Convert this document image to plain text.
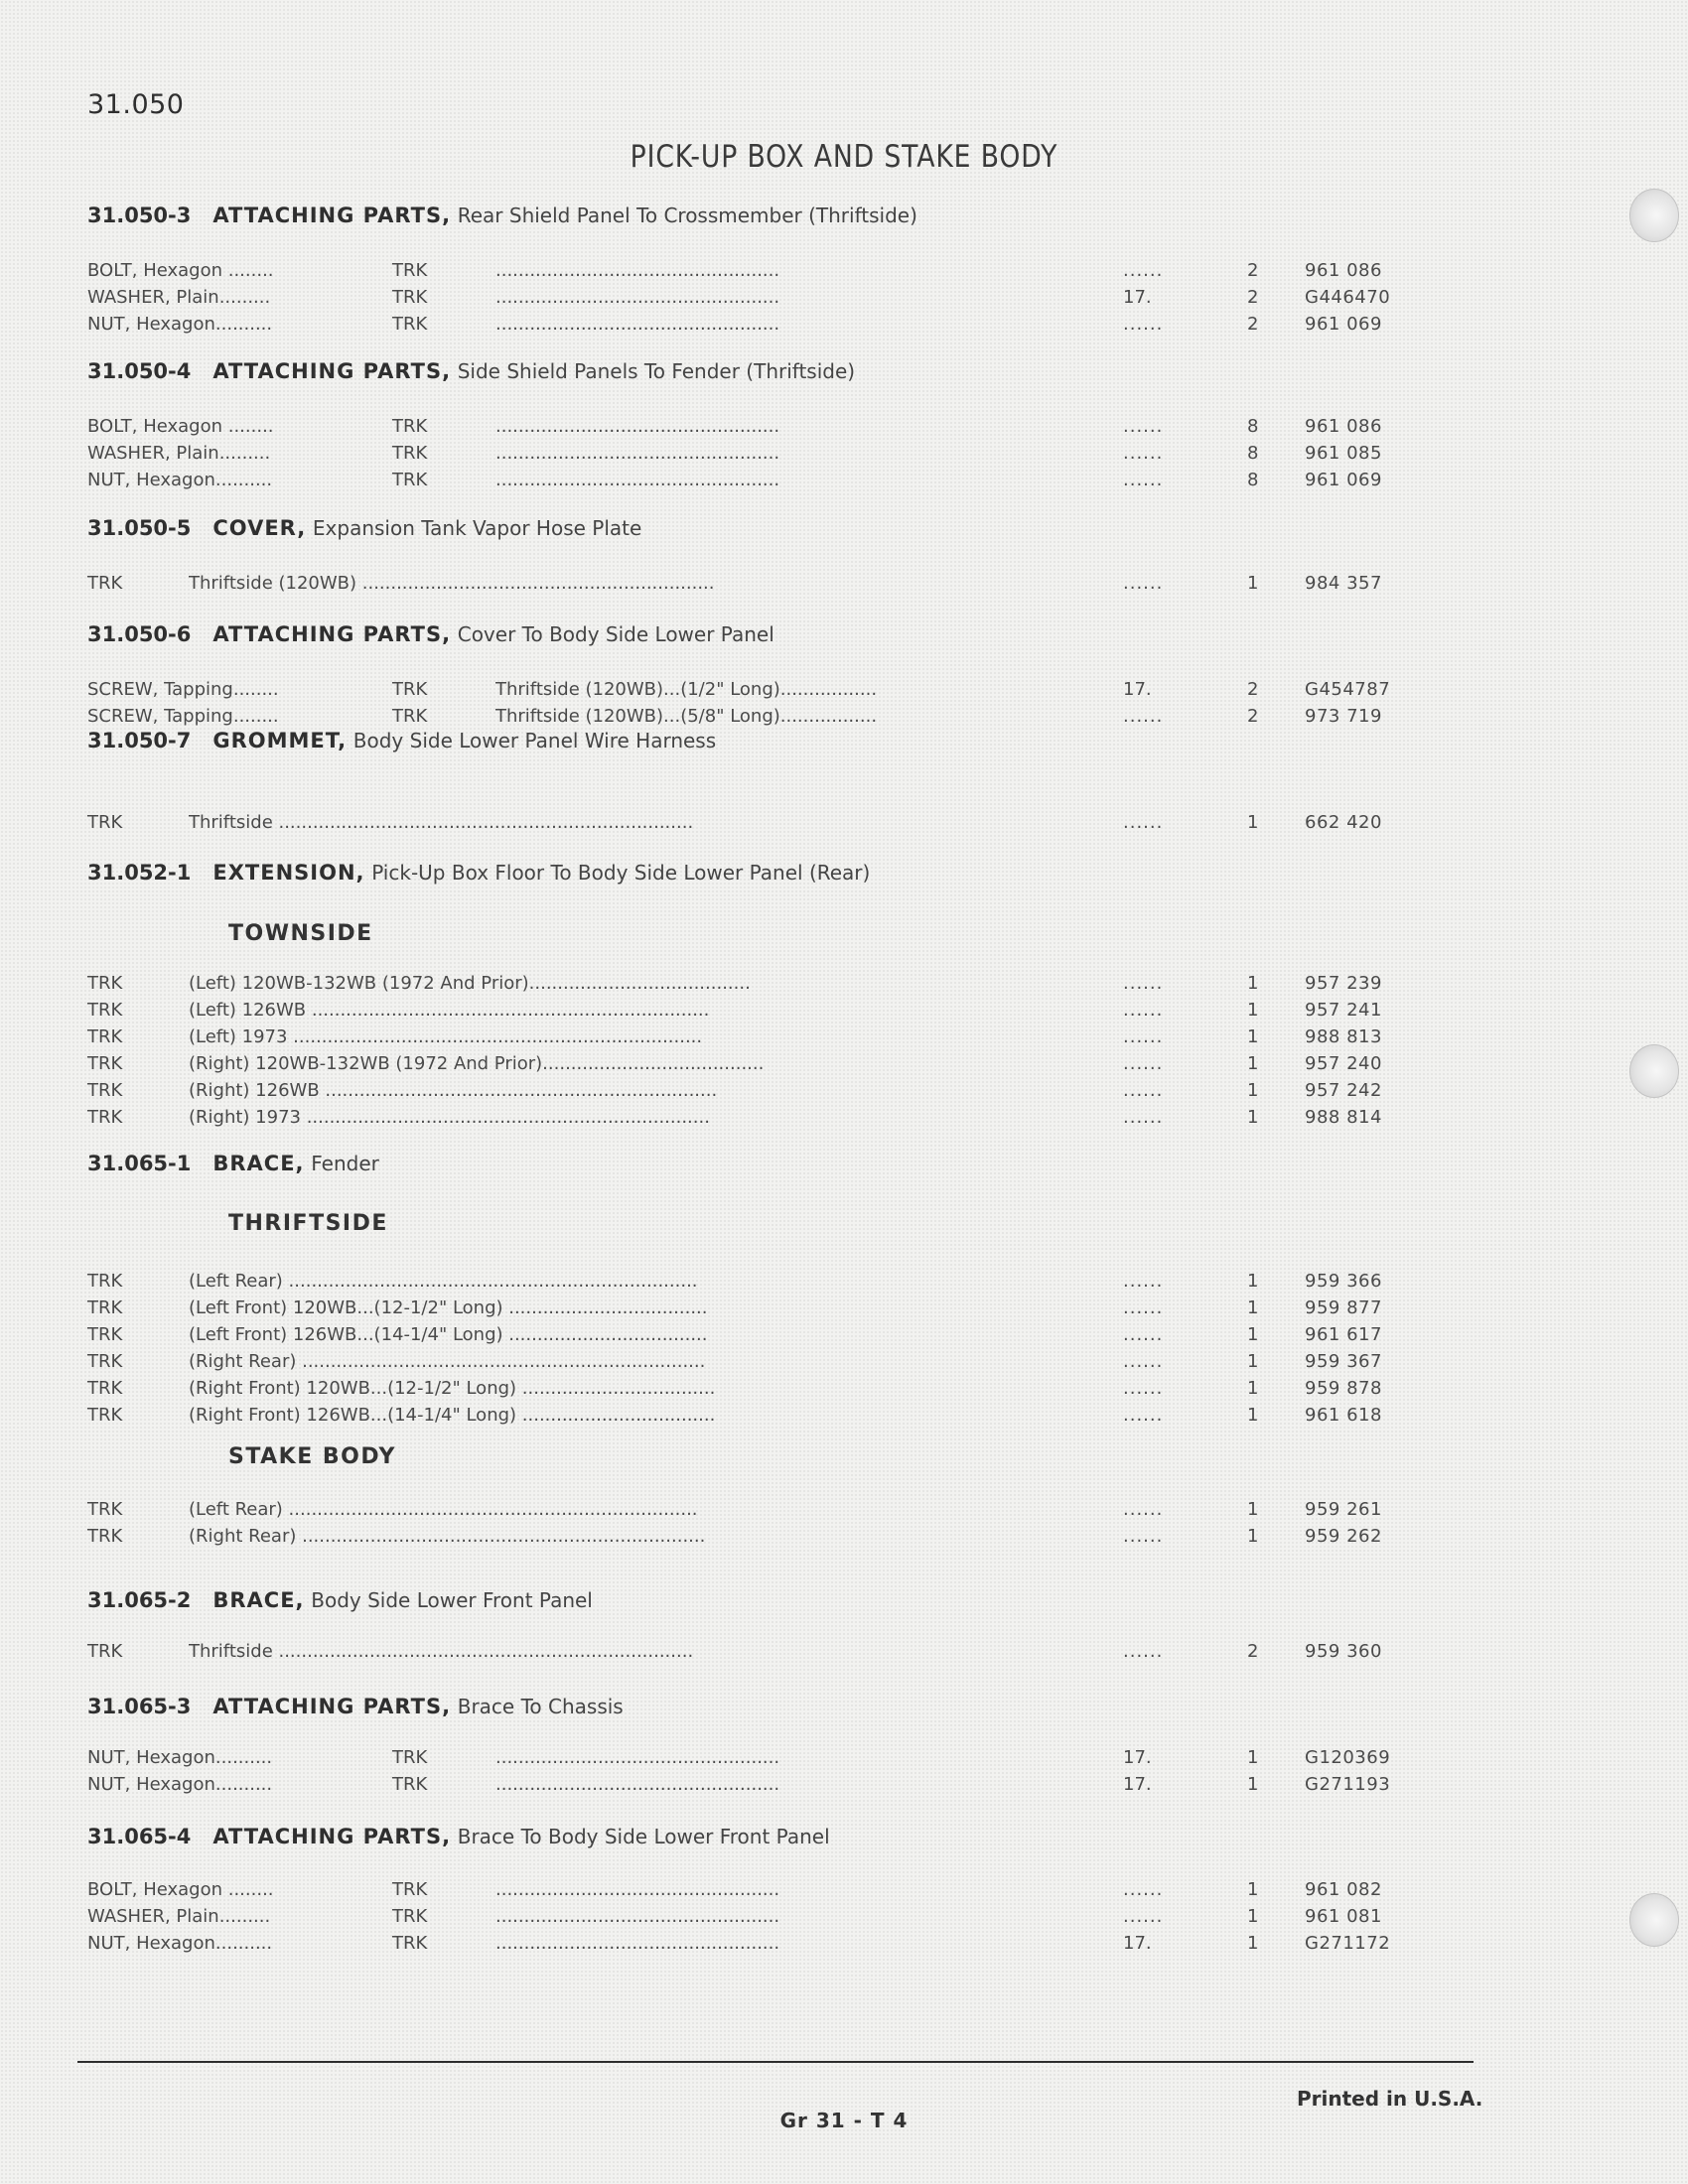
31.050
PICK-UP BOX AND STAKE BODY
31.050-3 ATTACHING PARTS, Rear Shield Panel To Crossmember (Thriftside)
BOLT, Hexagon ........	TRK	..................................................	......	2	961 086
WASHER, Plain.........	TRK	..................................................	17.	2	G446470
NUT, Hexagon..........	TRK	..................................................	......	2	961 069
31.050-4 ATTACHING PARTS, Side Shield Panels To Fender (Thriftside)
BOLT, Hexagon ........	TRK	..................................................	......	8	961 086
WASHER, Plain.........	TRK	..................................................	......	8	961 085
NUT, Hexagon..........	TRK	..................................................	......	8	961 069
31.050-5 COVER, Expansion Tank Vapor Hose Plate
TRK	Thriftside (120WB) ..............................................................	......	1	984 357
31.050-6 ATTACHING PARTS, Cover To Body Side Lower Panel
SCREW, Tapping........	TRK	Thriftside (120WB)...(1/2" Long).................	17.	2	G454787
SCREW, Tapping........	TRK	Thriftside (120WB)...(5/8" Long).................	......	2	973 719
31.050-7 GROMMET, Body Side Lower Panel Wire Harness
TRK	Thriftside .........................................................................	......	1	662 420
31.052-1 EXTENSION, Pick-Up Box Floor To Body Side Lower Panel (Rear)
TOWNSIDE
TRK	(Left) 120WB-132WB (1972 And Prior).......................................	......	1	957 239
TRK	(Left) 126WB ......................................................................	......	1	957 241
TRK	(Left) 1973 ........................................................................	......	1	988 813
TRK	(Right) 120WB-132WB (1972 And Prior).......................................	......	1	957 240
TRK	(Right) 126WB .....................................................................	......	1	957 242
TRK	(Right) 1973 .......................................................................	......	1	988 814
31.065-1 BRACE, Fender
THRIFTSIDE
TRK	(Left Rear) ........................................................................	......	1	959 366
TRK	(Left Front) 120WB...(12-1/2" Long) ...................................	......	1	959 877
TRK	(Left Front) 126WB...(14-1/4" Long) ...................................	......	1	961 617
TRK	(Right Rear) .......................................................................	......	1	959 367
TRK	(Right Front) 120WB...(12-1/2" Long) ..................................	......	1	959 878
TRK	(Right Front) 126WB...(14-1/4" Long) ..................................	......	1	961 618
STAKE BODY
TRK	(Left Rear) ........................................................................	......	1	959 261
TRK	(Right Rear) .......................................................................	......	1	959 262
31.065-2 BRACE, Body Side Lower Front Panel
TRK	Thriftside .........................................................................	......	2	959 360
31.065-3 ATTACHING PARTS, Brace To Chassis
NUT, Hexagon..........	TRK	..................................................	17.	1	G120369
NUT, Hexagon..........	TRK	..................................................	17.	1	G271193
31.065-4 ATTACHING PARTS, Brace To Body Side Lower Front Panel
BOLT, Hexagon ........	TRK	..................................................	......	1	961 082
WASHER, Plain.........	TRK	..................................................	......	1	961 081
NUT, Hexagon..........	TRK	..................................................	17.	1	G271172
Printed in U.S.A.
Gr 31 - T 4
